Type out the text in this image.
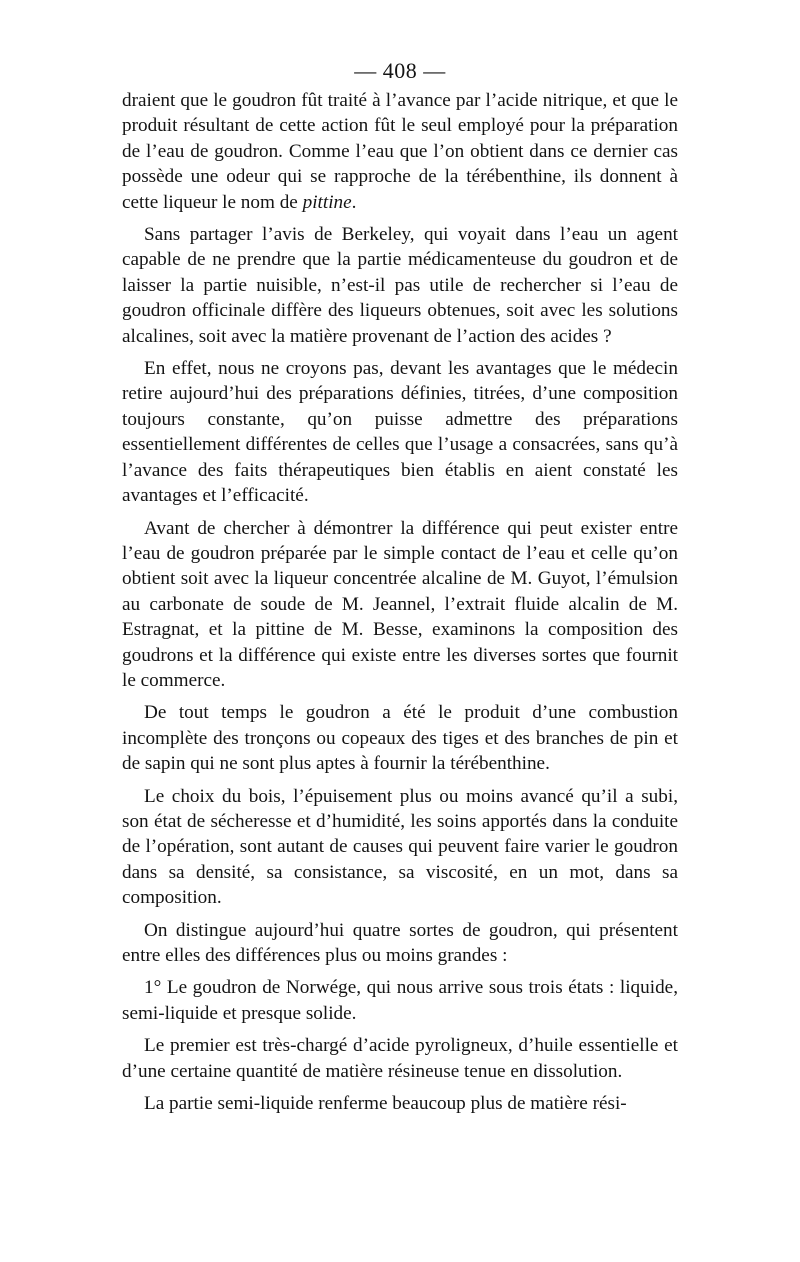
— 408 —

draient que le goudron fût traité à l’avance par l’acide nitrique, et que le produit résultant de cette action fût le seul employé pour la préparation de l’eau de goudron. Comme l’eau que l’on obtient dans ce dernier cas possède une odeur qui se rapproche de la térébenthine, ils donnent à cette liqueur le nom de pittine.

Sans partager l’avis de Berkeley, qui voyait dans l’eau un agent capable de ne prendre que la partie médicamenteuse du goudron et de laisser la partie nuisible, n’est-il pas utile de rechercher si l’eau de goudron officinale diffère des liqueurs obtenues, soit avec les solutions alcalines, soit avec la matière provenant de l’action des acides ?

En effet, nous ne croyons pas, devant les avantages que le médecin retire aujourd’hui des préparations définies, titrées, d’une composition toujours constante, qu’on puisse admettre des préparations essentiellement différentes de celles que l’usage a consacrées, sans qu’à l’avance des faits thérapeutiques bien établis en aient constaté les avantages et l’efficacité.

Avant de chercher à démontrer la différence qui peut exister entre l’eau de goudron préparée par le simple contact de l’eau et celle qu’on obtient soit avec la liqueur concentrée alcaline de M. Guyot, l’émulsion au carbonate de soude de M. Jeannel, l’extrait fluide alcalin de M. Estragnat, et la pittine de M. Besse, examinons la composition des goudrons et la différence qui existe entre les diverses sortes que fournit le commerce.

De tout temps le goudron a été le produit d’une combustion incomplète des tronçons ou copeaux des tiges et des branches de pin et de sapin qui ne sont plus aptes à fournir la térébenthine.

Le choix du bois, l’épuisement plus ou moins avancé qu’il a subi, son état de sécheresse et d’humidité, les soins apportés dans la conduite de l’opération, sont autant de causes qui peuvent faire varier le goudron dans sa densité, sa consistance, sa viscosité, en un mot, dans sa composition.

On distingue aujourd’hui quatre sortes de goudron, qui présentent entre elles des différences plus ou moins grandes :

1° Le goudron de Norwége, qui nous arrive sous trois états : liquide, semi-liquide et presque solide.

Le premier est très-chargé d’acide pyroligneux, d’huile essentielle et d’une certaine quantité de matière résineuse tenue en dissolution.

La partie semi-liquide renferme beaucoup plus de matière rési-
